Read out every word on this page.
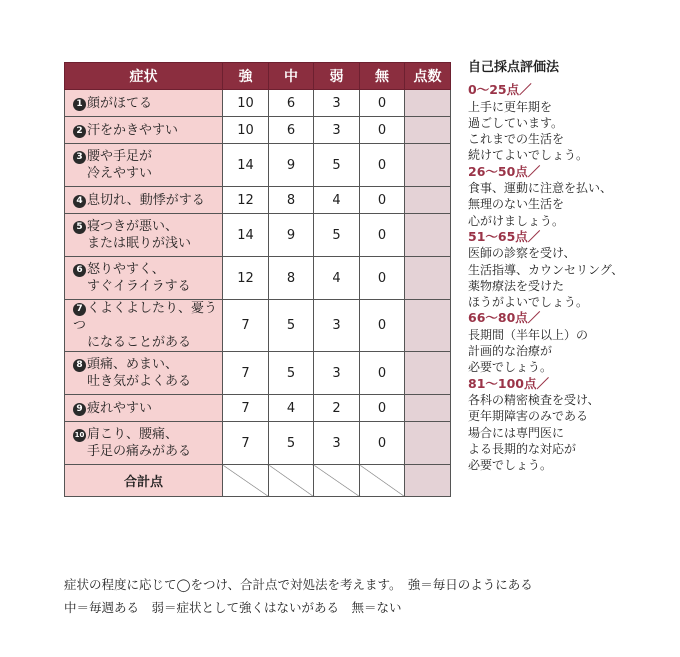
症状	強	中	弱	無	点数
1 顔がほてる	10	6	3	0	
2 汗をかきやすい	10	6	3	0	
3 腰や手足が
冷えやすい	14	9	5	0	
4 息切れ、動悸がする	12	8	4	0	
5 寝つきが悪い、
または眠りが浅い	14	9	5	0	
6 怒りやすく、
すぐイライラする	12	8	4	0	
7 くよくよしたり、憂うつ
になることがある	7	5	3	0	
8 頭痛、めまい、
吐き気がよくある	7	5	3	0	
9 疲れやすい	7	4	2	0	
10 肩こり、腰痛、
手足の痛みがある	7	5	3	0	
合計点					
自己採点評価法
0～25点／
上手に更年期を
過ごしています。
これまでの生活を
続けてよいでしょう。
26～50点／
食事、運動に注意を払い、
無理のない生活を
心がけましょう。
51～65点／
医師の診察を受け、
生活指導、カウンセリング、
薬物療法を受けた
ほうがよいでしょう。
66～80点／
長期間（半年以上）の
計画的な治療が
必要でしょう。
81～100点／
各科の精密検査を受け、
更年期障害のみである
場合には専門医に
よる長期的な対応が
必要でしょう。
症状の程度に応じて◯をつけ、合計点で対処法を考えます。　強＝毎日のようにある
中＝毎週ある　弱＝症状として強くはないがある　無＝ない
